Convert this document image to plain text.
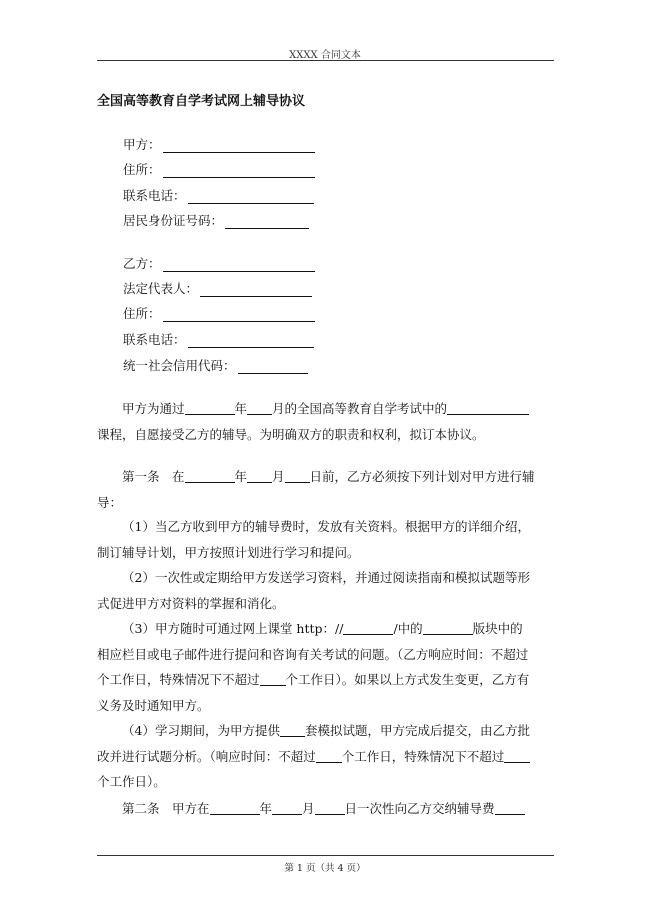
XXXX 合同文本
全国高等教育自学考试网上辅导协议
甲方：
住所：
联系电话：
居民身份证号码：
乙方：
法定代表人：
住所：
联系电话：
统一社会信用代码：

甲方为通过	年 月的全国高等教育自学考试中的

课程，自愿接受乙方的辅导。为明确双方的职责和权利，拟订本协议。

第一条　在	年 月 日前，乙方必须按下列计划对甲方进行辅

导：

（1）当乙方收到甲方的辅导费时，发放有关资料。根据甲方的详细介绍，

制订辅导计划，甲方按照计划进行学习和提问。

（2）一次性或定期给甲方发送学习资料，并通过阅读指南和模拟试题等形

式促进甲方对资料的掌握和消化。

（3）甲方随时可通过网上课堂 http：//	/中的	版块中的

相应栏目或电子邮件进行提问和咨询有关考试的问题。（乙方响应时间：不超过

个工作日，特殊情况下不超过 个工作日）。如果以上方式发生变更，乙方有

义务及时通知甲方。

（4）学习期间，为甲方提供 套模拟试题，甲方完成后提交，由乙方批

改并进行试题分析。（响应时间：不超过 个工作日，特殊情况下不超过

个工作日）。

第二条　甲方在	年 月 日一次性向乙方交纳辅导费

第 1 页（共 4 页）
